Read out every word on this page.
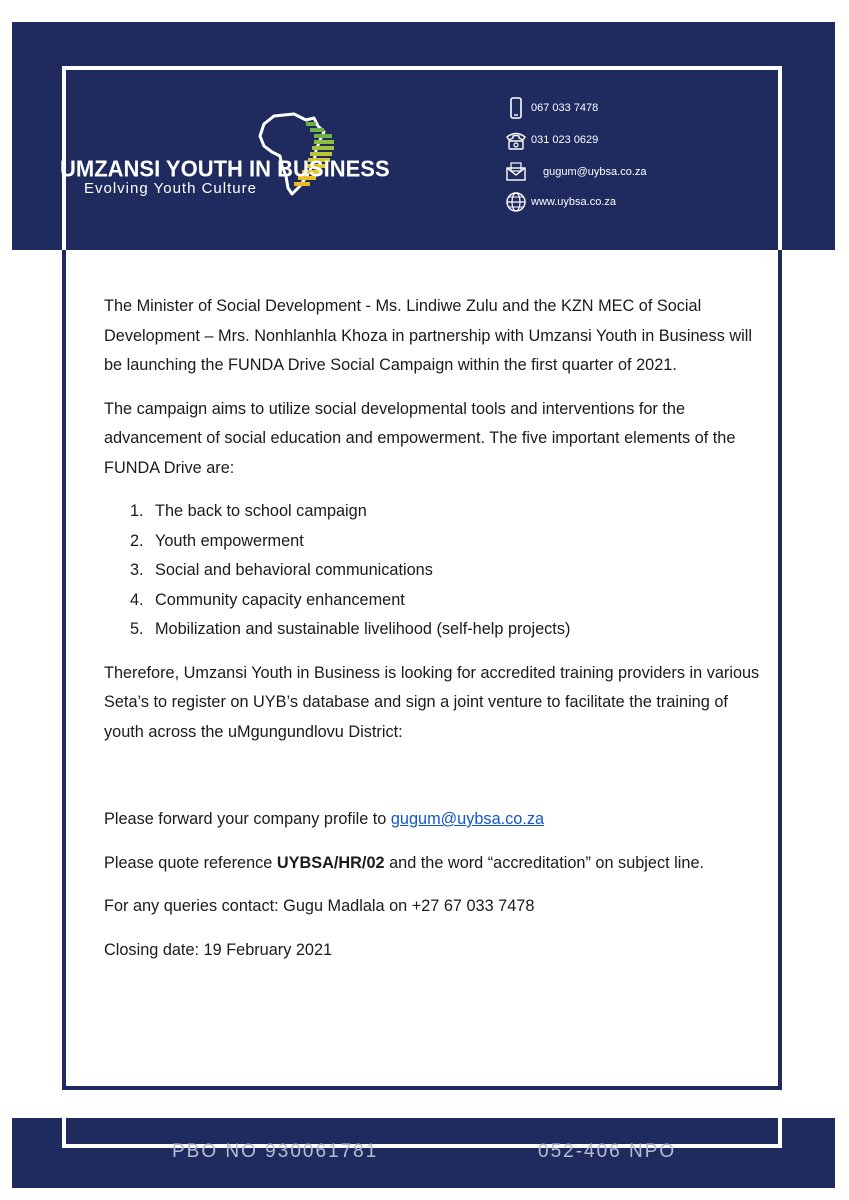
UMZANSI YOUTH IN BUSINESS
Evolving Youth Culture
067 033 7478
031 023 0629
gugum@uybsa.co.za
www.uybsa.co.za

The Minister of Social Development - Ms. Lindiwe Zulu and the KZN MEC of Social Development – Mrs. Nonhlanhla Khoza in partnership with Umzansi Youth in Business will be launching the FUNDA Drive Social Campaign within the first quarter of 2021.

The campaign aims to utilize social developmental tools and interventions for the advancement of social education and empowerment. The five important elements of the FUNDA Drive are:

1. The back to school campaign
2. Youth empowerment
3. Social and behavioral communications
4. Community capacity enhancement
5. Mobilization and sustainable livelihood (self-help projects)

Therefore, Umzansi Youth in Business is looking for accredited training providers in various Seta’s to register on UYB’s database and sign a joint venture to facilitate the training of youth across the uMgungundlovu District:

Please forward your company profile to gugum@uybsa.co.za

Please quote reference UYBSA/HR/02 and the word “accreditation” on subject line.

For any queries contact: Gugu Madlala on +27 67 033 7478

Closing date: 19 February 2021

PBO NO 930061781	052-406 NPO
